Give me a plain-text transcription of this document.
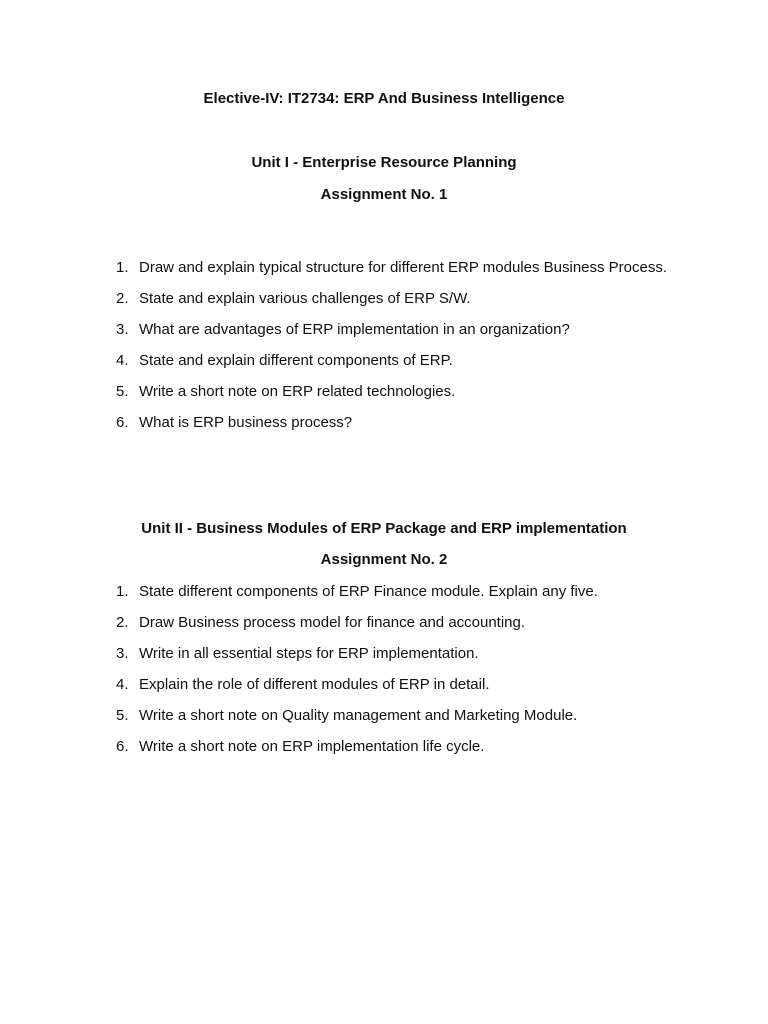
Elective-IV: IT2734: ERP And Business Intelligence
Unit I - Enterprise Resource Planning
Assignment No. 1
1. Draw and explain typical structure for different ERP modules Business Process.
2. State and explain various challenges of ERP S/W.
3. What are advantages of ERP implementation in an organization?
4. State and explain different components of ERP.
5. Write a short note on ERP related technologies.
6. What is ERP business process?
Unit II - Business Modules of ERP Package and ERP implementation
Assignment No. 2
1. State different components of ERP Finance module. Explain any five.
2. Draw Business process model for finance and accounting.
3. Write in all essential steps for ERP implementation.
4. Explain the role of different modules of ERP in detail.
5. Write a short note on Quality management and Marketing Module.
6. Write a short note on ERP implementation life cycle.
